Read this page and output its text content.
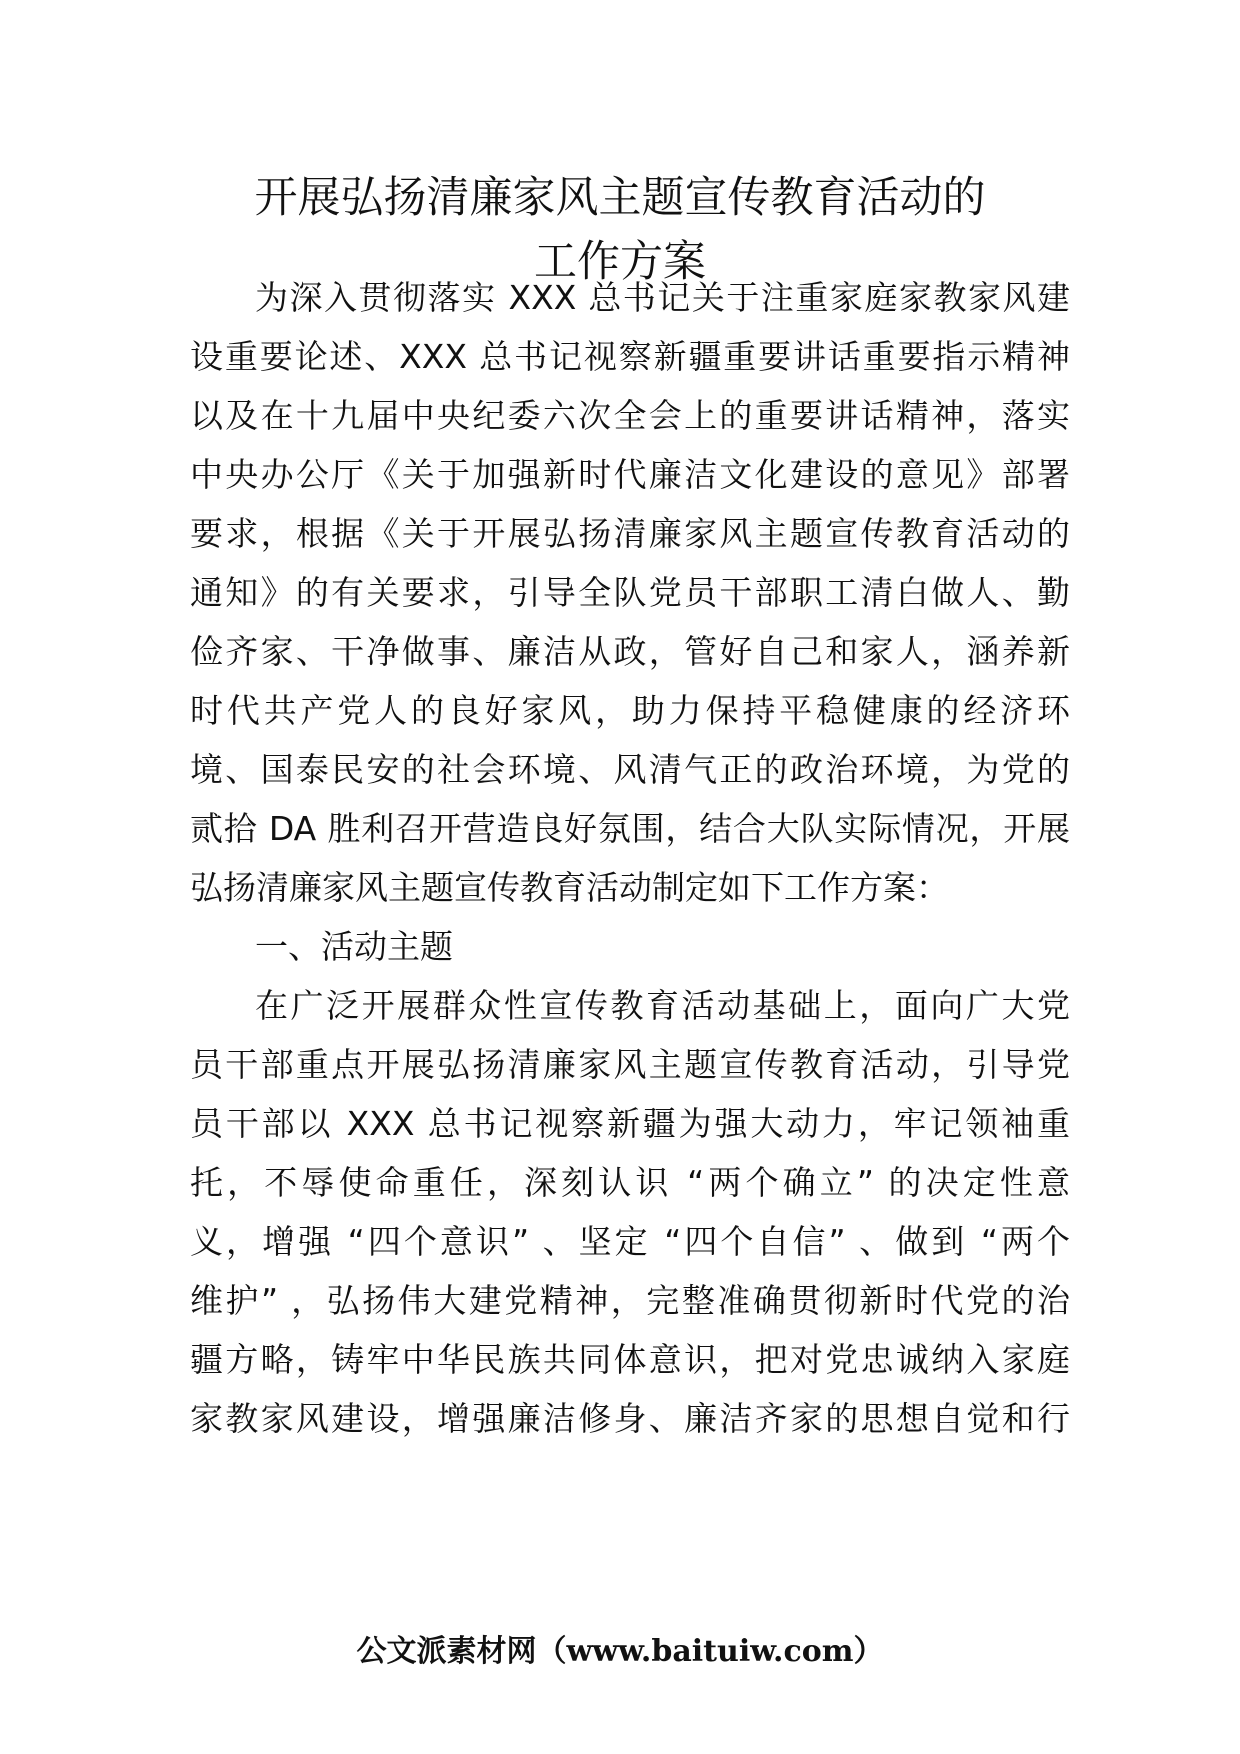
开展弘扬清廉家风主题宣传教育活动的
工作方案
为深入贯彻落实 XXX 总书记关于注重家庭家教家风建
设重要论述、XXX 总书记视察新疆重要讲话重要指示精神
以及在十九届中央纪委六次全会上的重要讲话精神，落实
中央办公厅《关于加强新时代廉洁文化建设的意见》部署
要求，根据《关于开展弘扬清廉家风主题宣传教育活动的
通知》的有关要求，引导全队党员干部职工清白做人、勤
俭齐家、干净做事、廉洁从政，管好自己和家人，涵养新
时代共产党人的良好家风，助力保持平稳健康的经济环
境、国泰民安的社会环境、风清气正的政治环境，为党的
贰拾 DA 胜利召开营造良好氛围，结合大队实际情况，开展
弘扬清廉家风主题宣传教育活动制定如下工作方案：
一、活动主题
在广泛开展群众性宣传教育活动基础上，面向广大党
员干部重点开展弘扬清廉家风主题宣传教育活动，引导党
员干部以 XXX 总书记视察新疆为强大动力，牢记领袖重
托，不辱使命重任，深刻认识 “两个确立” 的决定性意
义，增强 “四个意识” 、坚定 “四个自信” 、做到 “两个
维护” ，弘扬伟大建党精神，完整准确贯彻新时代党的治
疆方略，铸牢中华民族共同体意识，把对党忠诚纳入家庭
家教家风建设，增强廉洁修身、廉洁齐家的思想自觉和行
公文派素材网（www.baituiw.com）
